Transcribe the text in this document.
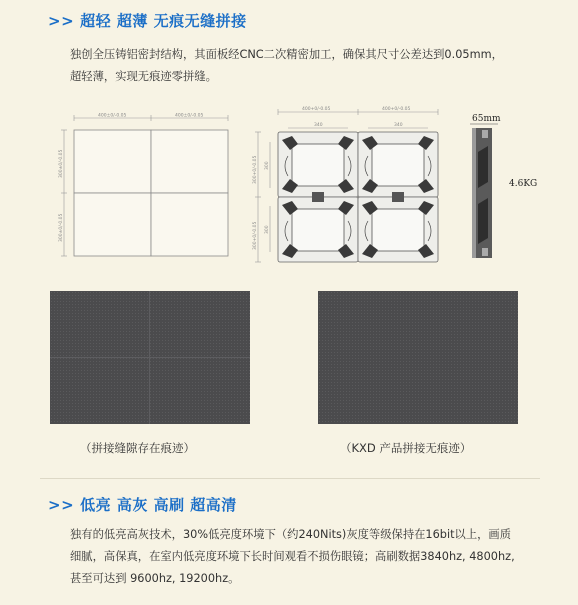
>> 超轻 超薄 无痕无缝拼接
独创全压铸铝密封结构，其面板经CNC二次精密加工，确保其尺寸公差达到0.05mm，
超轻薄，实现无痕迹零拼缝。
400±0/-0.05	400±0/-0.05
300±0/-0.05
300±0/-0.05
400+0/-0.05	400+0/-0.05
340	340
300+0/-0.05
300+0/-0.05
300
300
65mm
4.6KG
（拼接缝隙存在痕迹）	（KXD 产品拼接无痕迹）
>> 低亮 高灰 高刷 超高清
独有的低亮高灰技术，30%低亮度环境下（约240Nits)灰度等级保持在16bit以上，画质
细腻，高保真，在室内低亮度环境下长时间观看不损伤眼镜；高刷数据3840hz, 4800hz,
甚至可达到 9600hz, 19200hz。
